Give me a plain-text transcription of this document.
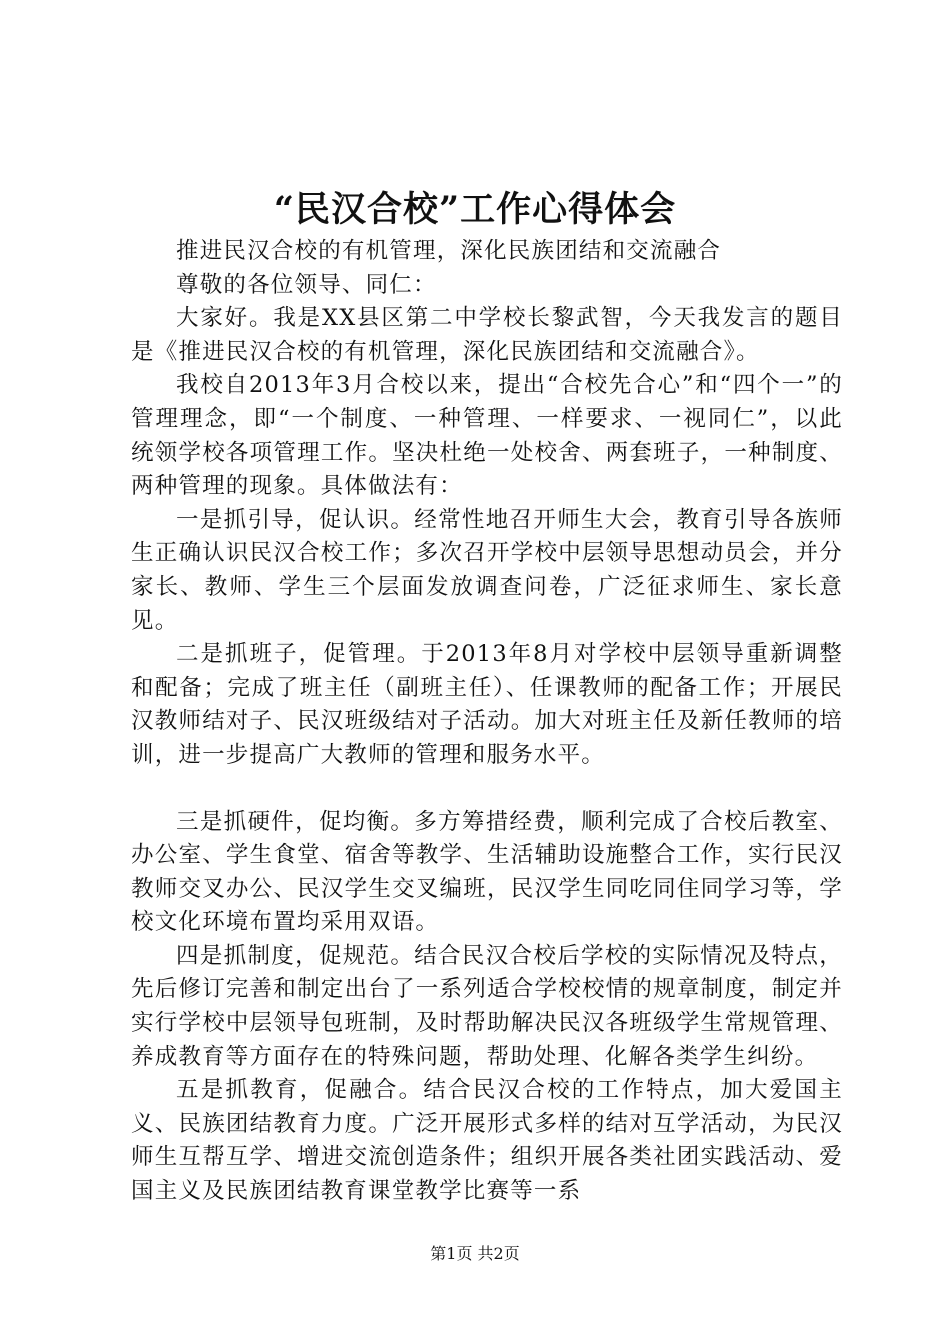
“民汉合校”工作心得体会

推进民汉合校的有机管理，深化民族团结和交流融合

尊敬的各位领导、同仁：

大家好。我是XX县区第二中学校长黎武智，今天我发言的题目是《推进民汉合校的有机管理，深化民族团结和交流融合》。

我校自2013年3月合校以来，提出“合校先合心”和“四个一”的管理理念，即“一个制度、一种管理、一样要求、一视同仁”，以此统领学校各项管理工作。坚决杜绝一处校舍、两套班子，一种制度、两种管理的现象。具体做法有：

一是抓引导，促认识。经常性地召开师生大会，教育引导各族师生正确认识民汉合校工作；多次召开学校中层领导思想动员会，并分家长、教师、学生三个层面发放调查问卷，广泛征求师生、家长意见。

二是抓班子，促管理。于2013年8月对学校中层领导重新调整和配备；完成了班主任（副班主任）、任课教师的配备工作；开展民汉教师结对子、民汉班级结对子活动。加大对班主任及新任教师的培训，进一步提高广大教师的管理和服务水平。

三是抓硬件，促均衡。多方筹措经费，顺利完成了合校后教室、办公室、学生食堂、宿舍等教学、生活辅助设施整合工作，实行民汉教师交叉办公、民汉学生交叉编班，民汉学生同吃同住同学习等，学校文化环境布置均采用双语。

四是抓制度，促规范。结合民汉合校后学校的实际情况及特点，先后修订完善和制定出台了一系列适合学校校情的规章制度，制定并实行学校中层领导包班制，及时帮助解决民汉各班级学生常规管理、养成教育等方面存在的特殊问题，帮助处理、化解各类学生纠纷。

五是抓教育，促融合。结合民汉合校的工作特点，加大爱国主义、民族团结教育力度。广泛开展形式多样的结对互学活动，为民汉师生互帮互学、增进交流创造条件；组织开展各类社团实践活动、爱国主义及民族团结教育课堂教学比赛等一系

第1页 共2页
